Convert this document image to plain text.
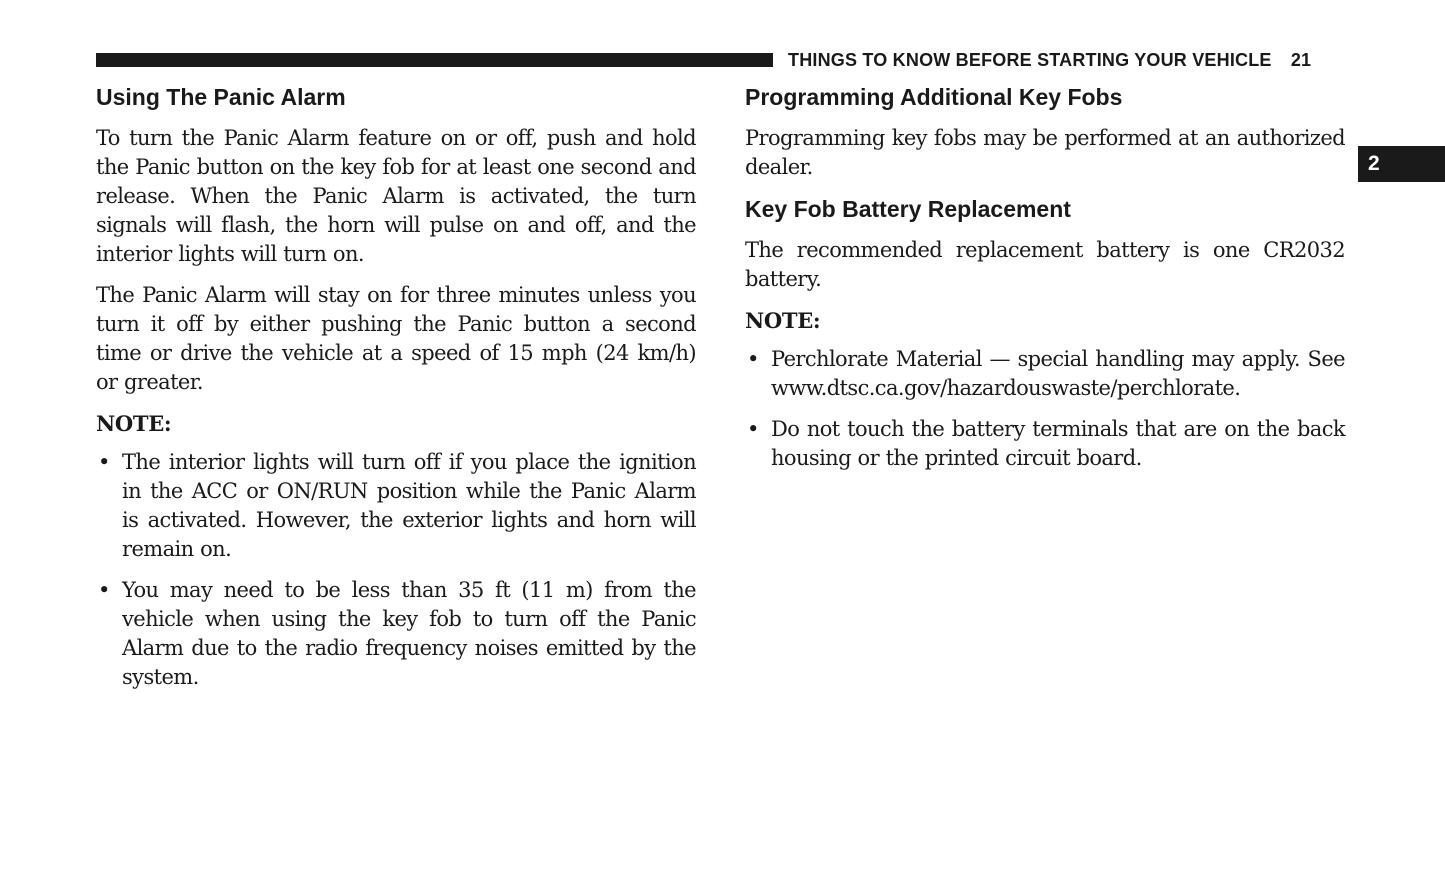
THINGS TO KNOW BEFORE STARTING YOUR VEHICLE 21
2
Using The Panic Alarm

To turn the Panic Alarm feature on or off, push and hold the Panic button on the key fob for at least one second and release. When the Panic Alarm is activated, the turn signals will flash, the horn will pulse on and off, and the interior lights will turn on.

The Panic Alarm will stay on for three minutes unless you turn it off by either pushing the Panic button a second time or drive the vehicle at a speed of 15 mph (24 km/h) or greater.

NOTE:
• The interior lights will turn off if you place the ignition in the ACC or ON/RUN position while the Panic Alarm is activated. However, the exterior lights and horn will remain on.
• You may need to be less than 35 ft (11 m) from the vehicle when using the key fob to turn off the Panic Alarm due to the radio frequency noises emitted by the system.
Programming Additional Key Fobs

Programming key fobs may be performed at an authorized dealer.

Key Fob Battery Replacement

The recommended replacement battery is one CR2032 battery.

NOTE:
• Perchlorate Material — special handling may apply. See www.dtsc.ca.gov/hazardouswaste/perchlorate.
• Do not touch the battery terminals that are on the back housing or the printed circuit board.
